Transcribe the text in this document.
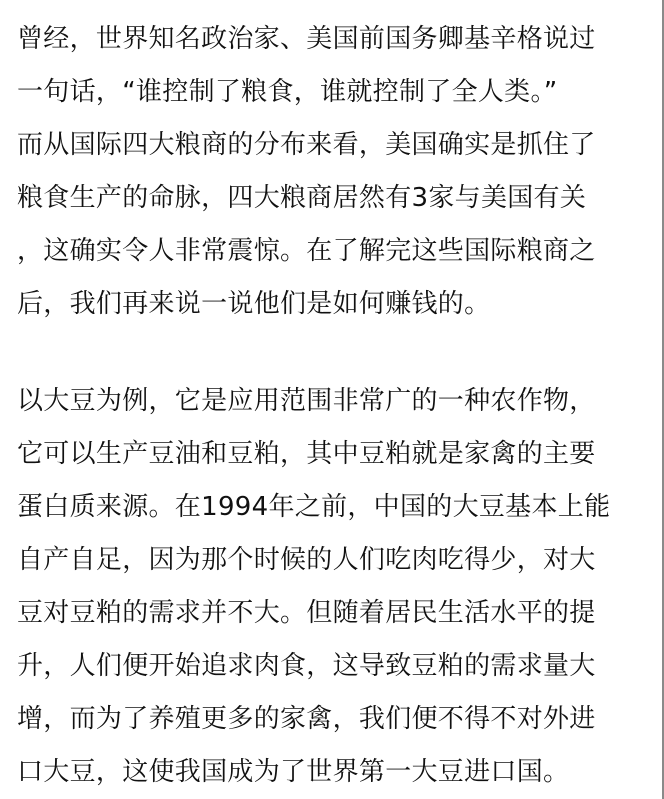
曾经，世界知名政治家、美国前国务卿基辛格说过
一句话，“谁控制了粮食，谁就控制了全人类。”
而从国际四大粮商的分布来看，美国确实是抓住了
粮食生产的命脉，四大粮商居然有3家与美国有关
，这确实令人非常震惊。在了解完这些国际粮商之
后，我们再来说一说他们是如何赚钱的。

以大豆为例，它是应用范围非常广的一种农作物，
它可以生产豆油和豆粕，其中豆粕就是家禽的主要
蛋白质来源。在1994年之前，中国的大豆基本上能
自产自足，因为那个时候的人们吃肉吃得少，对大
豆对豆粕的需求并不大。但随着居民生活水平的提
升，人们便开始追求肉食，这导致豆粕的需求量大
增，而为了养殖更多的家禽，我们便不得不对外进
口大豆，这使我国成为了世界第一大豆进口国。
